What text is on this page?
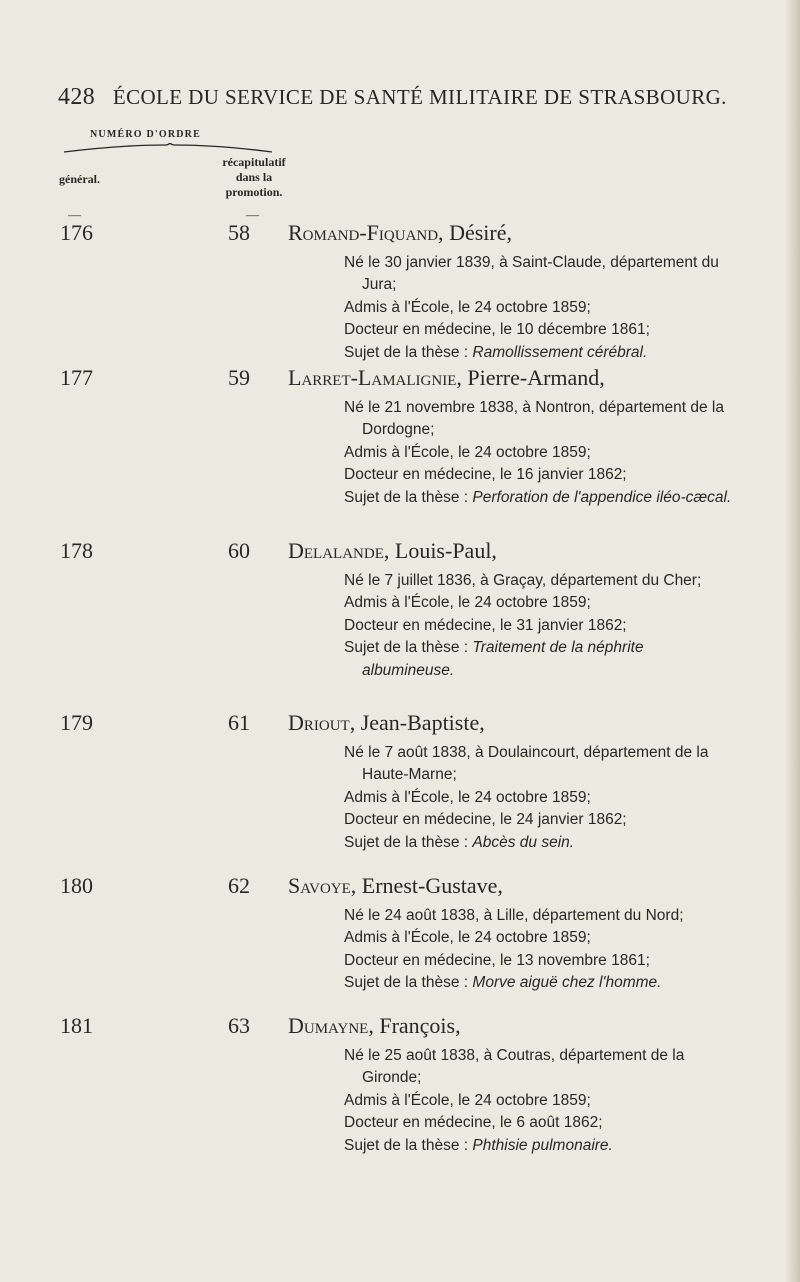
428 ÉCOLE DU SERVICE DE SANTÉ MILITAIRE DE STRASBOURG.
NUMÉRO D'ORDRE
général.
récapitulatif
dans la
promotion.
—	—
176	58	Romand-Fiquand, Désiré,
Né le 30 janvier 1839, à Saint-Claude, département du Jura;
Admis à l'École, le 24 octobre 1859;
Docteur en médecine, le 10 décembre 1861;
Sujet de la thèse : Ramollissement cérébral.
177	59	Larret-Lamalignie, Pierre-Armand,
Né le 21 novembre 1838, à Nontron, département de la Dordogne;
Admis à l'École, le 24 octobre 1859;
Docteur en médecine, le 16 janvier 1862;
Sujet de la thèse : Perforation de l'appendice iléo-cæcal.
178	60	Delalande, Louis-Paul,
Né le 7 juillet 1836, à Graçay, département du Cher;
Admis à l'École, le 24 octobre 1859;
Docteur en médecine, le 31 janvier 1862;
Sujet de la thèse : Traitement de la néphrite albumineuse.
179	61	Driout, Jean-Baptiste,
Né le 7 août 1838, à Doulaincourt, département de la Haute-Marne;
Admis à l'École, le 24 octobre 1859;
Docteur en médecine, le 24 janvier 1862;
Sujet de la thèse : Abcès du sein.
180	62	Savoye, Ernest-Gustave,
Né le 24 août 1838, à Lille, département du Nord;
Admis à l'École, le 24 octobre 1859;
Docteur en médecine, le 13 novembre 1861;
Sujet de la thèse : Morve aiguë chez l'homme.
181	63	Dumayne, François,
Né le 25 août 1838, à Coutras, département de la Gironde;
Admis à l'École, le 24 octobre 1859;
Docteur en médecine, le 6 août 1862;
Sujet de la thèse : Phthisie pulmonaire.
